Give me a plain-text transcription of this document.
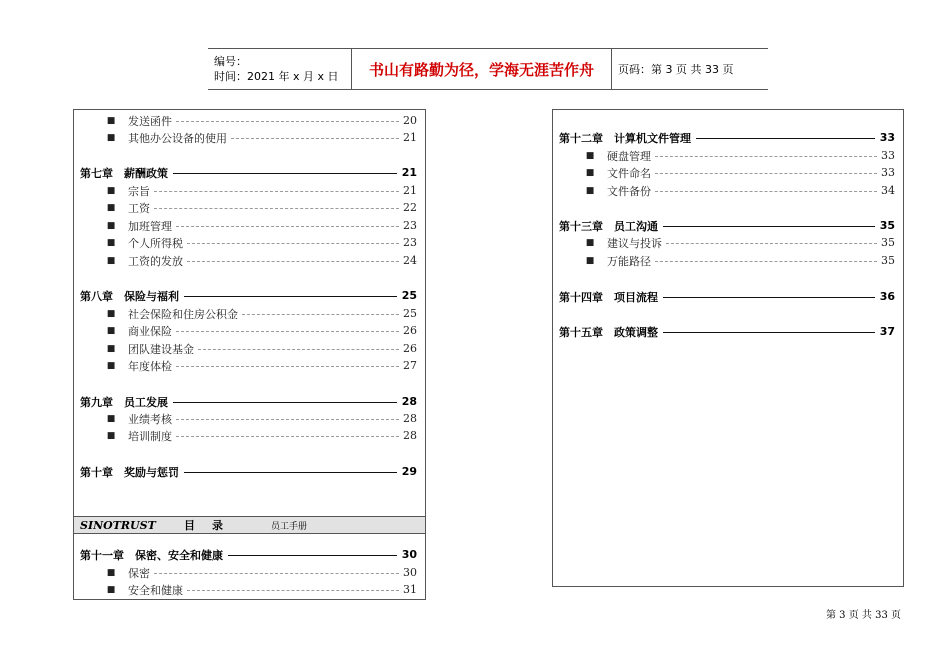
编号：
时间：2021 年 x 月 x 日	书山有路勤为径，学海无涯苦作舟 页码：第 3 页 共 33 页
SINOTRUST	目 录	员工手册
■ 发送函件	20
■ 其他办公设备的使用	21
第七章　薪酬政策	21
■ 宗旨	21
■ 工资	22
■ 加班管理	23
■ 个人所得税	23
■ 工资的发放	24
第八章　保险与福利	25
■ 社会保险和住房公积金	25
■ 商业保险	26
■ 团队建设基金	26
■ 年度体检	27
第九章　员工发展	28
■ 业绩考核	28
■ 培训制度	28
第十章　奖励与惩罚	29
第十一章　保密、安全和健康	30
■ 保密	30
■ 安全和健康	31
第十二章　计算机文件管理	33
■ 硬盘管理	33
■ 文件命名	33
■ 文件备份	34
第十三章　员工沟通	35
■ 建议与投诉	35
■ 万能路径	35
第十四章　项目流程	36
第十五章　政策调整	37
第 3 页 共 33 页
